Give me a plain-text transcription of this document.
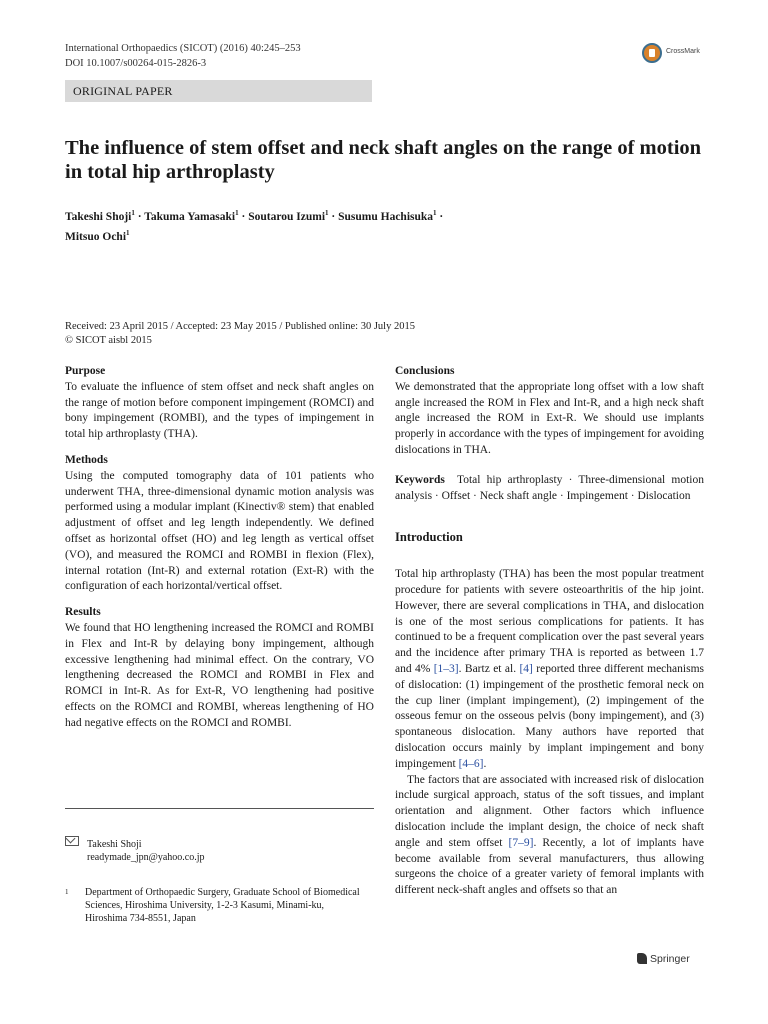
International Orthopaedics (SICOT) (2016) 40:245–253
DOI 10.1007/s00264-015-2826-3
CrossMark
ORIGINAL PAPER
The influence of stem offset and neck shaft angles on the range of motion in total hip arthroplasty
Takeshi Shoji$^1$ · Takuma Yamasaki$^1$ · Soutarou Izumi$^1$ · Susumu Hachisuka$^1$ ·
Mitsuo Ochi$^1$
Received: 23 April 2015 / Accepted: 23 May 2015 / Published online: 30 July 2015
© SICOT aisbl 2015

Purpose

To evaluate the influence of stem offset and neck shaft angles on the range of motion before component impingement (ROMCI) and bony impingement (ROMBI), and the types of impingement in total hip arthroplasty (THA).

Methods

Using the computed tomography data of 101 patients who underwent THA, three-dimensional dynamic motion analysis was performed using a modular implant (Kinectiv® stem) that enabled adjustment of offset and leg length independently. We defined offset as horizontal offset (HO) and leg length as vertical offset (VO), and measured the ROMCI and ROMBI in flexion (Flex), internal rotation (Int-R) and external rotation (Ext-R) with the configuration of each horizontal/vertical offset.

Results

We found that HO lengthening increased the ROMCI and ROMBI in Flex and Int-R by delaying bony impingement, although excessive lengthening had minimal effect. On the contrary, VO lengthening decreased the ROMCI and ROMBI in Flex and ROMCI in Int-R. As for Ext-R, VO lengthening had positive effects on the ROMCI and ROMBI, whereas lengthening of HO had negative effects on the ROMCI and ROMBI.

Takeshi Shoji
readymade_jpn@yahoo.co.jp
1 Department of Orthopaedic Surgery, Graduate School of Biomedical Sciences, Hiroshima University, 1-2-3 Kasumi, Minami-ku, Hiroshima 734-8551, Japan

Conclusions

We demonstrated that the appropriate long offset with a low shaft angle increased the ROM in Flex and Int-R, and a high neck shaft angle increased the ROM in Ext-R. We should use implants properly in accordance with the types of impingement for avoiding dislocations in THA.

Keywords Total hip arthroplasty · Three-dimensional motion analysis · Offset · Neck shaft angle · Impingement · Dislocation

Introduction

Total hip arthroplasty (THA) has been the most popular treatment procedure for patients with severe osteoarthritis of the hip joint. However, there are several complications in THA, and dislocation is one of the most serious complications for patients. It has continued to be a frequent complication over the past several years and the incidence after primary THA is reported as between 1.7 and 4% [1–3]. Bartz et al. [4] reported three different mechanisms of dislocation: (1) impingement of the prosthetic femoral neck on the cup liner (implant impingement), (2) impingement of the osseous femur on the osseous pelvis (bony impingement), and (3) spontaneous dislocation. Many authors have reported that dislocation occurs mainly by implant impingement and bony impingement [4–6].

The factors that are associated with increased risk of dislocation include surgical approach, status of the soft tissues, and implant orientation and alignment. Other factors which influence dislocation include the implant design, the choice of neck shaft angle and stem offset [7–9]. Recently, a lot of implants have become available from several manufacturers, thus allowing surgeons the choice of a greater variety of femoral implants with different neck-shaft angles and offsets so that an

Springer
